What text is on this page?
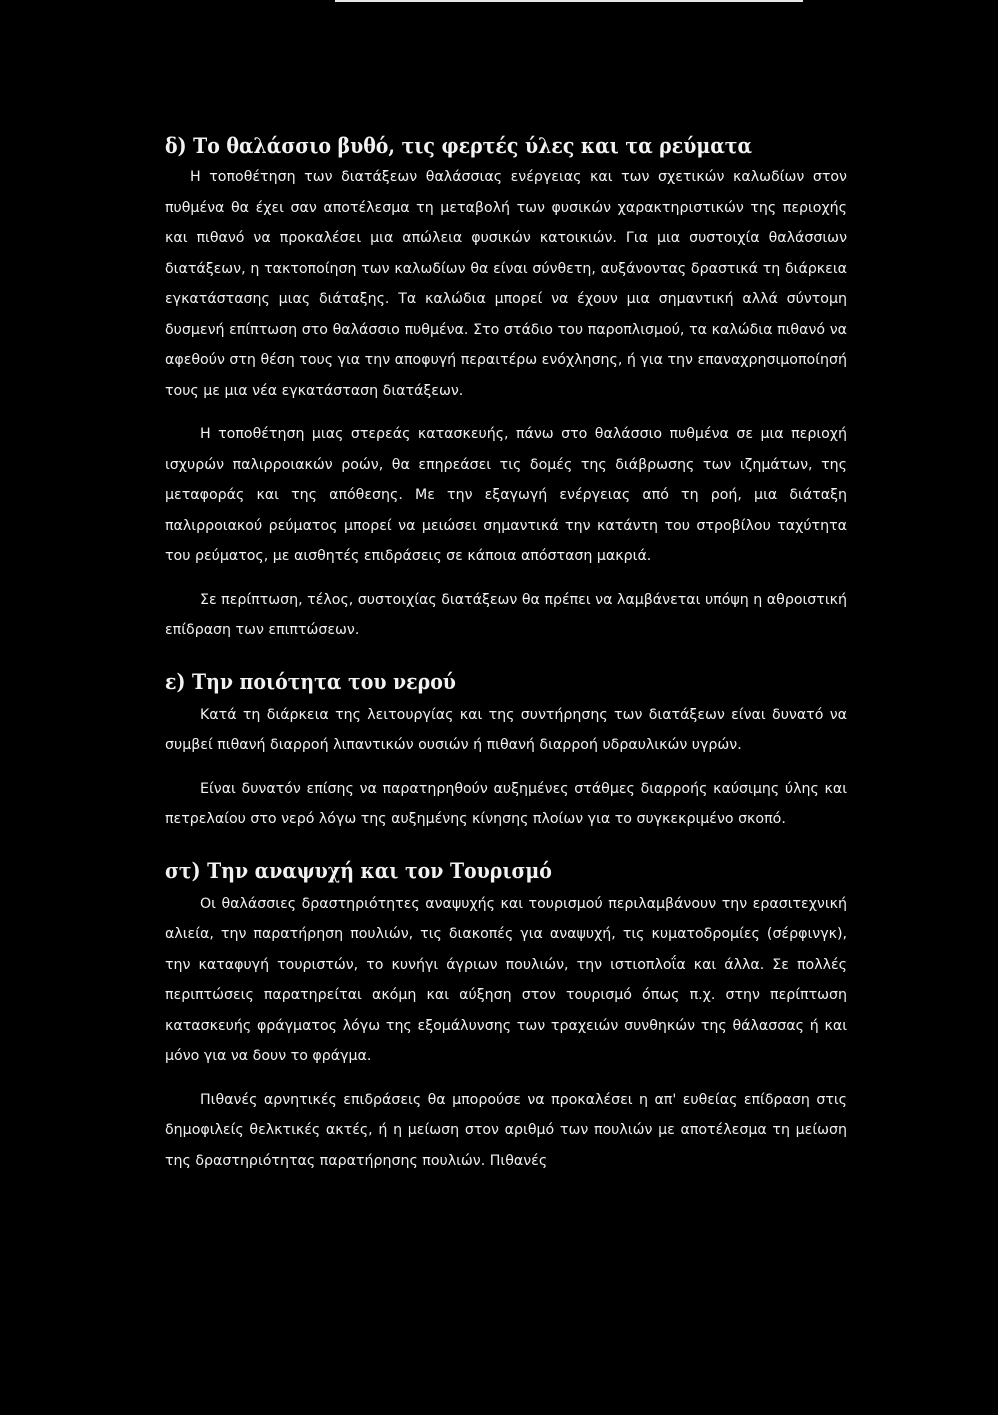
δ) Το θαλάσσιο βυθό, τις φερτές ύλες και τα ρεύματα

Η τοποθέτηση των διατάξεων θαλάσσιας ενέργειας και των σχετικών καλωδίων στον πυθμένα θα έχει σαν αποτέλεσμα τη μεταβολή των φυσικών χαρακτηριστικών της περιοχής και πιθανό να προκαλέσει μια απώλεια φυσικών κατοικιών. Για μια συστοιχία θαλάσσιων διατάξεων, η τακτοποίηση των καλωδίων θα είναι σύνθετη, αυξάνοντας δραστικά τη διάρκεια εγκατάστασης μιας διάταξης. Τα καλώδια μπορεί να έχουν μια σημαντική αλλά σύντομη δυσμενή επίπτωση στο θαλάσσιο πυθμένα. Στο στάδιο του παροπλισμού, τα καλώδια πιθανό να αφεθούν στη θέση τους για την αποφυγή περαιτέρω ενόχλησης, ή για την επαναχρησιμοποίησή τους με μια νέα εγκατάσταση διατάξεων.

Η τοποθέτηση μιας στερεάς κατασκευής, πάνω στο θαλάσσιο πυθμένα σε μια περιοχή ισχυρών παλιρροιακών ροών, θα επηρεάσει τις δομές της διάβρωσης των ιζημάτων, της μεταφοράς και της απόθεσης. Με την εξαγωγή ενέργειας από τη ροή, μια διάταξη παλιρροιακού ρεύματος μπορεί να μειώσει σημαντικά την κατάντη του στροβίλου ταχύτητα του ρεύματος, με αισθητές επιδράσεις σε κάποια απόσταση μακριά.

Σε περίπτωση, τέλος, συστοιχίας διατάξεων θα πρέπει να λαμβάνεται υπόψη η αθροιστική επίδραση των επιπτώσεων.

ε) Την ποιότητα του νερού

Κατά τη διάρκεια της λειτουργίας και της συντήρησης των διατάξεων είναι δυνατό να συμβεί πιθανή διαρροή λιπαντικών ουσιών ή πιθανή διαρροή υδραυλικών υγρών.

Είναι δυνατόν επίσης να παρατηρηθούν αυξημένες στάθμες διαρροής καύσιμης ύλης και πετρελαίου στο νερό λόγω της αυξημένης κίνησης πλοίων για το συγκεκριμένο σκοπό.

στ) Την αναψυχή και τον Τουρισμό

Οι θαλάσσιες δραστηριότητες αναψυχής και τουρισμού περιλαμβάνουν την ερασιτεχνική αλιεία, την παρατήρηση πουλιών, τις διακοπές για αναψυχή, τις κυματοδρομίες (σέρφινγκ), την καταφυγή τουριστών, το κυνήγι άγριων πουλιών, την ιστιοπλοΐα και άλλα. Σε πολλές περιπτώσεις παρατηρείται ακόμη και αύξηση στον τουρισμό όπως π.χ. στην περίπτωση κατασκευής φράγματος λόγω της εξομάλυνσης των τραχειών συνθηκών της θάλασσας ή και μόνο για να δουν το φράγμα.

Πιθανές αρνητικές επιδράσεις θα μπορούσε να προκαλέσει η απ' ευθείας επίδραση στις δημοφιλείς θελκτικές ακτές, ή η μείωση στον αριθμό των πουλιών με αποτέλεσμα τη μείωση της δραστηριότητας παρατήρησης πουλιών. Πιθανές
